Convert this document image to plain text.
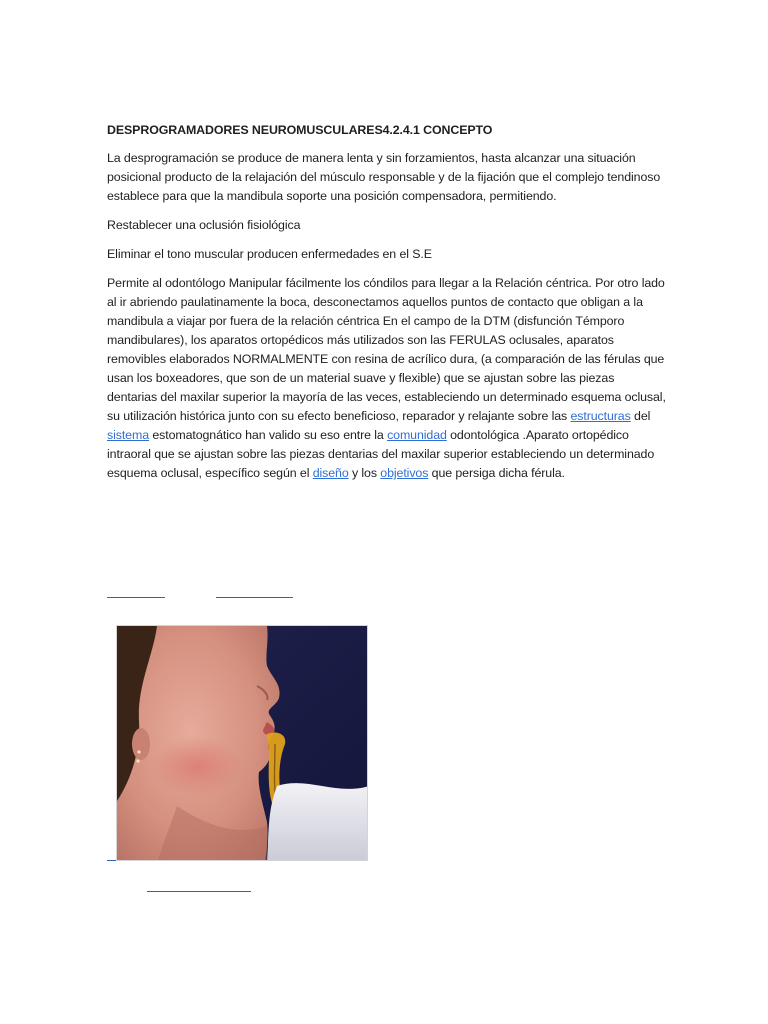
DESPROGRAMADORES NEUROMUSCULARES4.2.4.1 CONCEPTO
La desprogramación se produce de manera lenta y sin forzamientos, hasta alcanzar una situación posicional producto de la relajación del músculo responsable y de la fijación que el complejo tendinoso establece para que la mandibula soporte una posición compensadora, permitiendo.
Restablecer una oclusión fisiológica
Eliminar el tono muscular producen enfermedades en el S.E
Permite al odontólogo Manipular fácilmente los cóndilos para llegar a la Relación céntrica. Por otro lado al ir abriendo paulatinamente la boca, desconectamos aquellos puntos de contacto que obligan a la mandibula a viajar por fuera de la relación céntrica En el campo de la DTM (disfunción Témporo mandibulares), los aparatos ortopédicos más utilizados son las FERULAS oclusales, aparatos removibles elaborados NORMALMENTE con resina de acrílico dura, (a comparación de las férulas que usan los boxeadores, que son de un material suave y flexible) que se ajustan sobre las piezas dentarias del maxilar superior la mayoría de las veces, estableciendo un determinado esquema oclusal, su utilización histórica junto con su efecto beneficioso, reparador y relajante sobre las estructuras del sistema estomatognático han valido su eso entre la comunidad odontológica .Aparato ortopédico intraoral que se ajustan sobre las piezas dentarias del maxilar superior estableciendo un determinado esquema oclusal, específico según el diseño y los objetivos que persiga dicha férula.
